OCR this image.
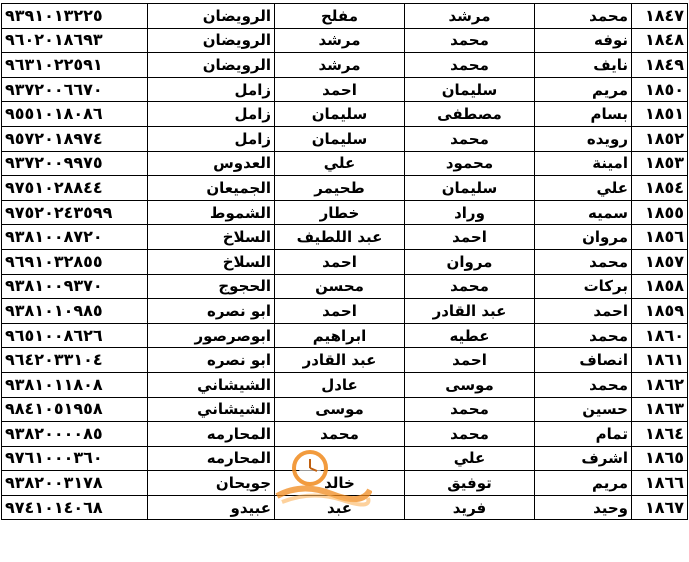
١٨٤٧	محمد	مرشد	مفلح	الرويضان	٩٣٩١٠١٣٢٢٥
١٨٤٨	نوفه	محمد	مرشد	الرويضان	٩٦٠٢٠١٨٦٩٣
١٨٤٩	نايف	محمد	مرشد	الرويضان	٩٦٣١٠٢٢٥٩١
١٨٥٠	مريم	سليمان	احمد	زامل	٩٣٧٢٠٠٦٦٧٠
١٨٥١	بسام	مصطفى	سليمان	زامل	٩٥٥١٠١٨٠٨٦
١٨٥٢	رويده	محمد	سليمان	زامل	٩٥٧٢٠١٨٩٧٤
١٨٥٣	امينة	محمود	علي	العدوس	٩٣٧٢٠٠٩٩٧٥
١٨٥٤	علي	سليمان	طحيمر	الجميعان	٩٧٥١٠٢٨٨٤٤
١٨٥٥	سميه	وراد	خطار	الشموط	٩٧٥٢٠٢٤٣٥٩٩
١٨٥٦	مروان	احمد	عبد اللطيف	السلاخ	٩٣٨١٠٠٨٧٢٠
١٨٥٧	محمد	مروان	احمد	السلاخ	٩٦٩١٠٣٢٨٥٥
١٨٥٨	بركات	محمد	محسن	الحجوج	٩٣٨١٠٠٩٣٧٠
١٨٥٩	احمد	عبد القادر	احمد	ابو نصره	٩٣٨١٠١٠٩٨٥
١٨٦٠	محمد	عطيه	ابراهيم	ابوصرصور	٩٦٥١٠٠٨٦٢٦
١٨٦١	انصاف	احمد	عبد القادر	ابو نصره	٩٦٤٢٠٣٣١٠٤
١٨٦٢	محمد	موسى	عادل	الشيشاني	٩٣٨١٠١١٨٠٨
١٨٦٣	حسين	محمد	موسى	الشيشاني	٩٨٤١٠٥١٩٥٨
١٨٦٤	تمام	محمد	محمد	المحارمه	٩٣٨٢٠٠٠٠٨٥
١٨٦٥	اشرف	علي		المحارمه	٩٧٦١٠٠٠٣٦٠
١٨٦٦	مريم	توفيق	خالد	جويحان	٩٣٨٢٠٠٣١٧٨
١٨٦٧	وحيد	فريد	عبد	عبيدو	٩٧٤١٠١٤٠٦٨
